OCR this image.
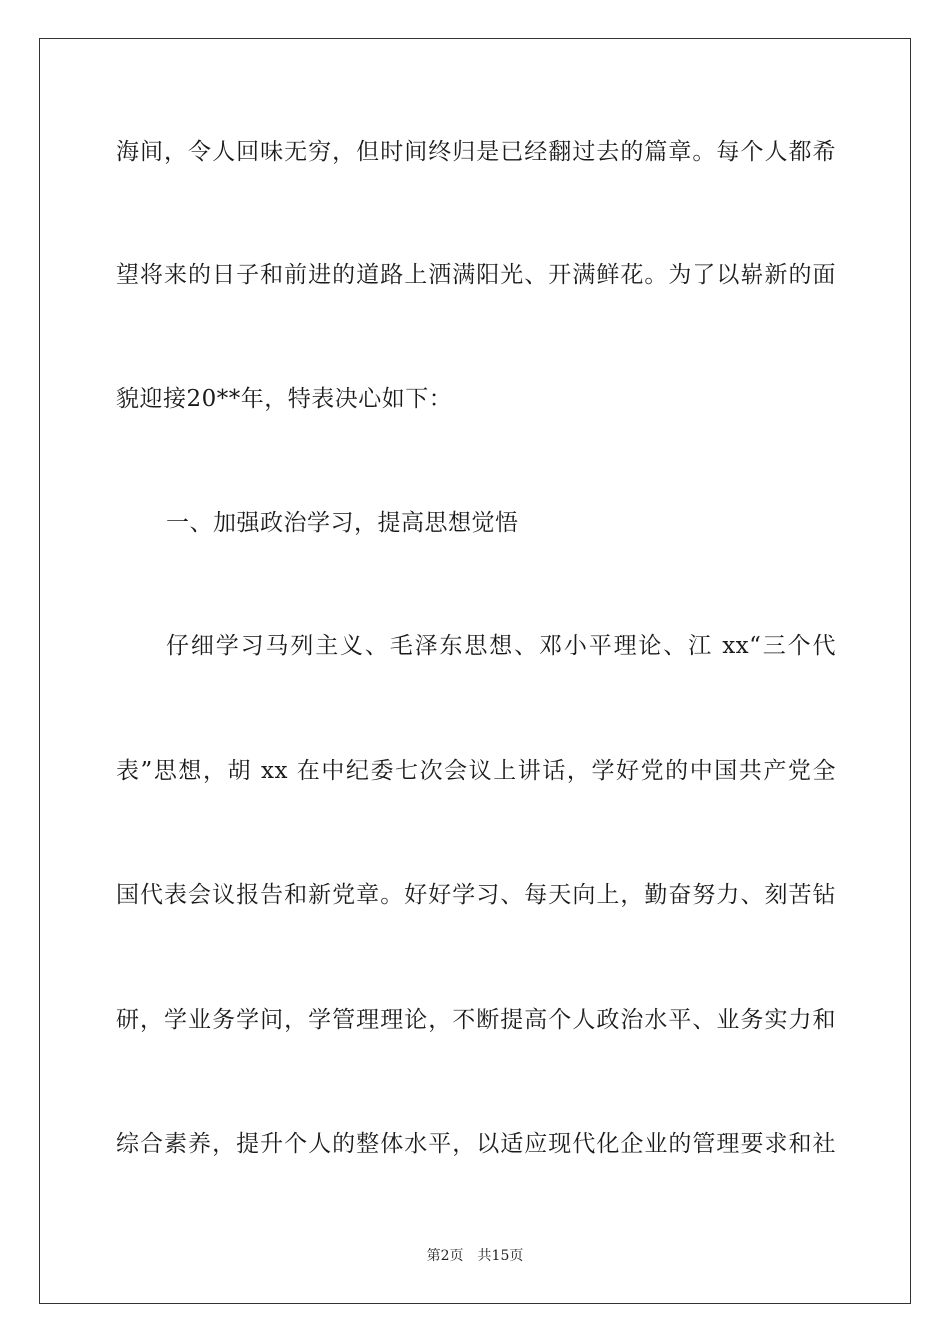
海间，令人回味无穷，但时间终归是已经翻过去的篇章。每个人都希
望将来的日子和前进的道路上洒满阳光、开满鲜花。为了以崭新的面
貌迎接20**年，特表决心如下：
一、加强政治学习，提高思想觉悟
仔细学习马列主义、毛泽东思想、邓小平理论、江 xx“三个代
表”思想，胡 xx 在中纪委七次会议上讲话，学好党的中国共产党全
国代表会议报告和新党章。好好学习、每天向上，勤奋努力、刻苦钻
研，学业务学问，学管理理论，不断提高个人政治水平、业务实力和
综合素养，提升个人的整体水平，以适应现代化企业的管理要求和社
第2页 共15页
